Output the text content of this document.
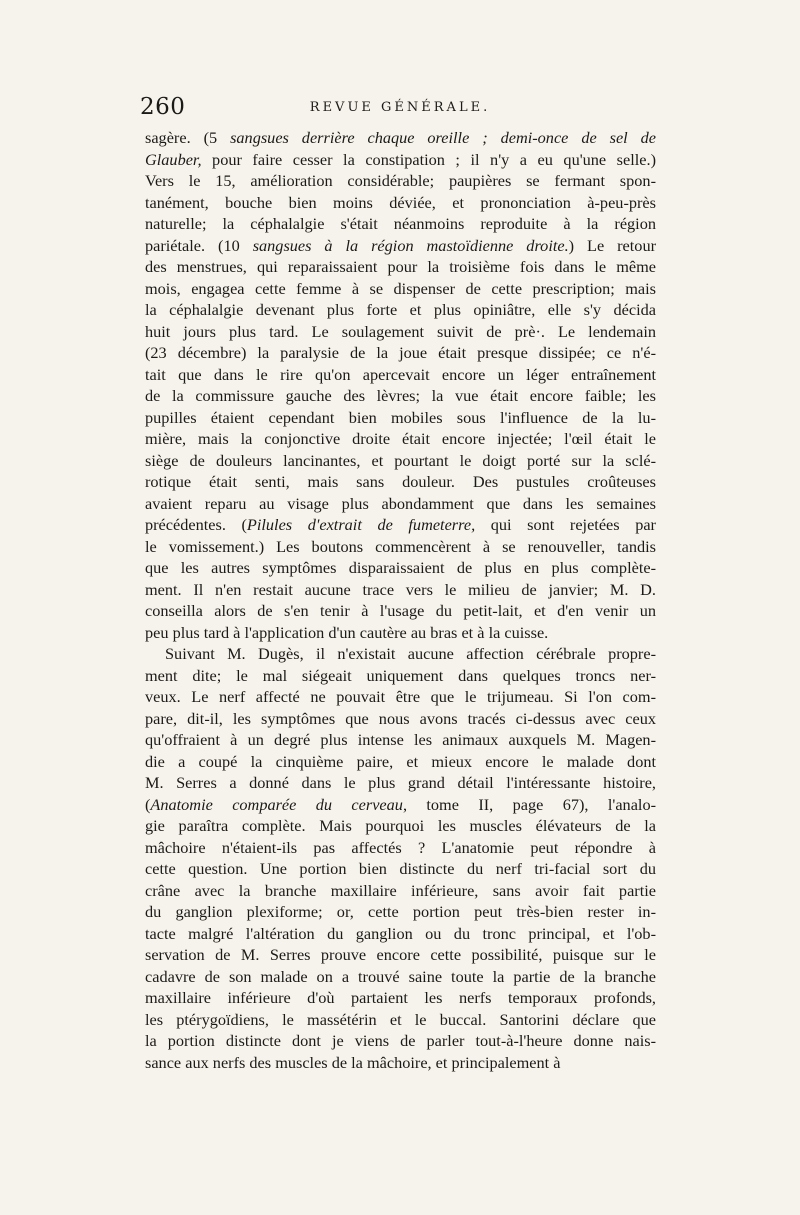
260	REVUE GÉNÉRALE.
sagère. (5 sangsues derrière chaque oreille ; demi-once de sel de
Glauber, pour faire cesser la constipation ; il n'y a eu qu'une selle.)
Vers le 15, amélioration considérable; paupières se fermant spon-
tanément, bouche bien moins déviée, et prononciation à-peu-près
naturelle; la céphalalgie s'était néanmoins reproduite à la région
pariétale. (10 sangsues à la région mastoïdienne droite.) Le retour
des menstrues, qui reparaissaient pour la troisième fois dans le même
mois, engagea cette femme à se dispenser de cette prescription; mais
la céphalalgie devenant plus forte et plus opiniâtre, elle s'y décida
huit jours plus tard. Le soulagement suivit de prè·. Le lendemain
(23 décembre) la paralysie de la joue était presque dissipée; ce n'é-
tait que dans le rire qu'on apercevait encore un léger entraînement
de la commissure gauche des lèvres; la vue était encore faible; les
pupilles étaient cependant bien mobiles sous l'influence de la lu-
mière, mais la conjonctive droite était encore injectée; l'œil était le
siège de douleurs lancinantes, et pourtant le doigt porté sur la sclé-
rotique était senti, mais sans douleur. Des pustules croûteuses
avaient reparu au visage plus abondamment que dans les semaines
précédentes. (Pilules d'extrait de fumeterre, qui sont rejetées par
le vomissement.) Les boutons commencèrent à se renouveller, tandis
que les autres symptômes disparaissaient de plus en plus complète-
ment. Il n'en restait aucune trace vers le milieu de janvier; M. D.
conseilla alors de s'en tenir à l'usage du petit-lait, et d'en venir un
peu plus tard à l'application d'un cautère au bras et à la cuisse.
Suivant M. Dugès, il n'existait aucune affection cérébrale propre-
ment dite; le mal siégeait uniquement dans quelques troncs ner-
veux. Le nerf affecté ne pouvait être que le trijumeau. Si l'on com-
pare, dit-il, les symptômes que nous avons tracés ci-dessus avec ceux
qu'offraient à un degré plus intense les animaux auxquels M. Magen-
die a coupé la cinquième paire, et mieux encore le malade dont
M. Serres a donné dans le plus grand détail l'intéressante histoire,
(Anatomie comparée du cerveau, tome II, page 67), l'analo-
gie paraîtra complète. Mais pourquoi les muscles élévateurs de la
mâchoire n'étaient-ils pas affectés ? L'anatomie peut répondre à
cette question. Une portion bien distincte du nerf tri-facial sort du
crâne avec la branche maxillaire inférieure, sans avoir fait partie
du ganglion plexiforme; or, cette portion peut très-bien rester in-
tacte malgré l'altération du ganglion ou du tronc principal, et l'ob-
servation de M. Serres prouve encore cette possibilité, puisque sur le
cadavre de son malade on a trouvé saine toute la partie de la branche
maxillaire inférieure d'où partaient les nerfs temporaux profonds,
les ptérygoïdiens, le massétérin et le buccal. Santorini déclare que
la portion distincte dont je viens de parler tout-à-l'heure donne nais-
sance aux nerfs des muscles de la mâchoire, et principalement à
